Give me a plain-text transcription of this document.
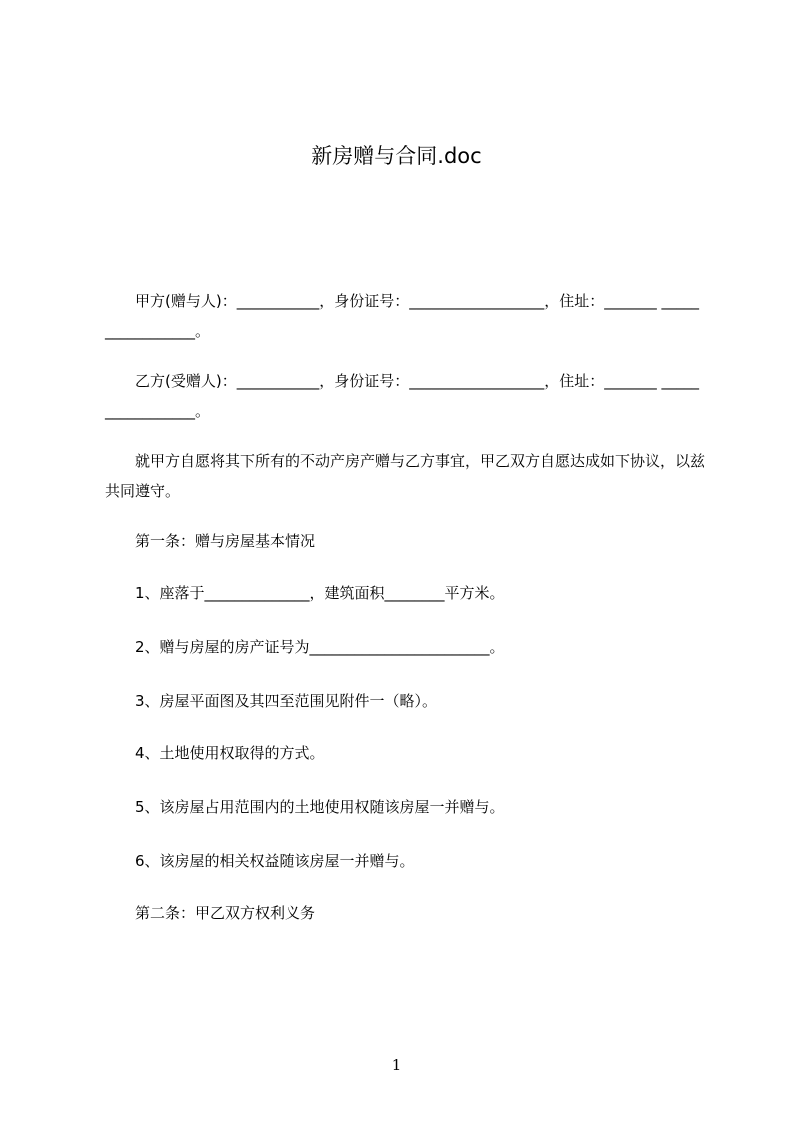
新房赠与合同.doc
甲方(赠与人)：___________，身份证号：__________________，住址：_______ _________________。
乙方(受赠人)：___________，身份证号：__________________，住址：_______ _________________。
就甲方自愿将其下所有的不动产房产赠与乙方事宜，甲乙双方自愿达成如下协议，以兹共同遵守。
第一条：赠与房屋基本情况
1、座落于______________，建筑面积________平方米。
2、赠与房屋的房产证号为________________________。
3、房屋平面图及其四至范围见附件一（略）。
4、土地使用权取得的方式。
5、该房屋占用范围内的土地使用权随该房屋一并赠与。
6、该房屋的相关权益随该房屋一并赠与。
第二条：甲乙双方权利义务
1
